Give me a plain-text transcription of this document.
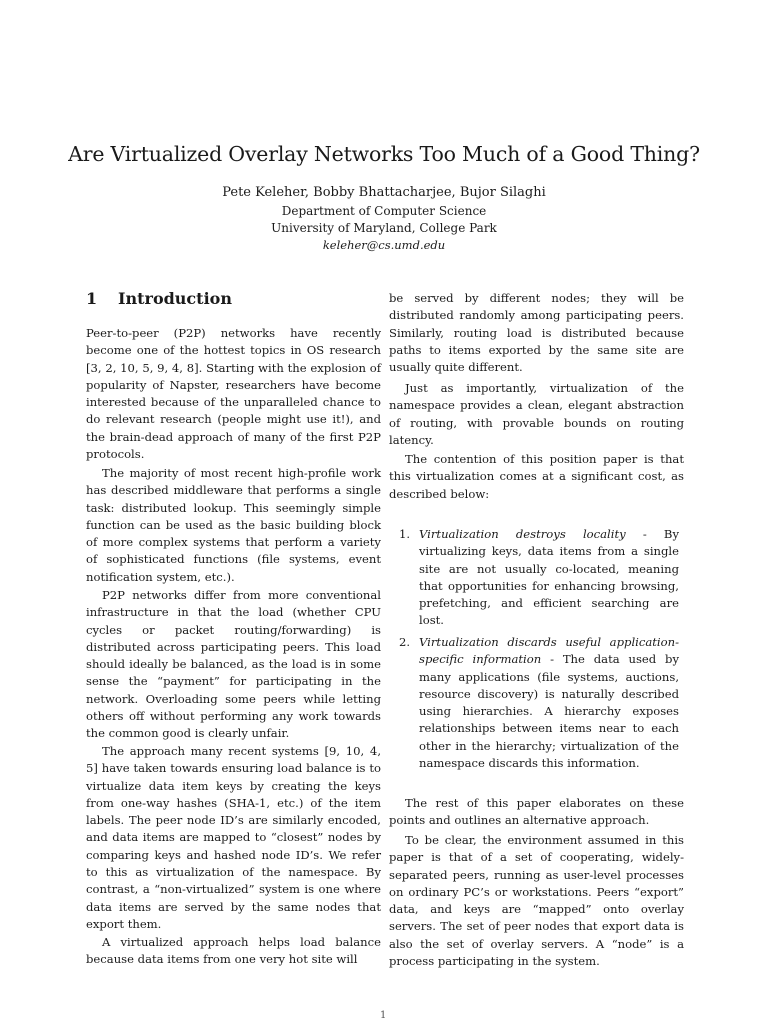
Are Virtualized Overlay Networks Too Much of a Good Thing?
Pete Keleher, Bobby Bhattacharjee, Bujor Silaghi
Department of Computer Science
University of Maryland, College Park
keleher@cs.umd.edu
1 Introduction

Peer-to-peer (P2P) networks have recently become one of the hottest topics in OS research [3, 2, 10, 5, 9, 4, 8]. Starting with the explosion of popularity of Napster, researchers have become interested because of the unparalleled chance to do relevant research (people might use it!), and the brain-dead approach of many of the first P2P protocols.

The majority of most recent high-profile work has described middleware that performs a single task: distributed lookup. This seemingly simple function can be used as the basic building block of more complex systems that perform a variety of sophisticated functions (file systems, event notification system, etc.).

P2P networks differ from more conventional infrastructure in that the load (whether CPU cycles or packet routing/forwarding) is distributed across participating peers. This load should ideally be balanced, as the load is in some sense the “payment” for participating in the network. Overloading some peers while letting others off without performing any work towards the common good is clearly unfair.

The approach many recent systems [9, 10, 4, 5] have taken towards ensuring load balance is to virtualize data item keys by creating the keys from one-way hashes (SHA-1, etc.) of the item labels. The peer node ID’s are similarly encoded, and data items are mapped to “closest” nodes by comparing keys and hashed node ID’s. We refer to this as virtualization of the namespace. By contrast, a “non-virtualized” system is one where data items are served by the same nodes that export them.

A virtualized approach helps load balance because data items from one very hot site will

be served by different nodes; they will be distributed randomly among participating peers. Similarly, routing load is distributed because paths to items exported by the same site are usually quite different.

Just as importantly, virtualization of the namespace provides a clean, elegant abstraction of routing, with provable bounds on routing latency.

The contention of this position paper is that this virtualization comes at a significant cost, as described below:

1. Virtualization destroys locality - By virtualizing keys, data items from a single site are not usually co-located, meaning that opportunities for enhancing browsing, prefetching, and efficient searching are lost.
2. Virtualization discards useful application-specific information - The data used by many applications (file systems, auctions, resource discovery) is naturally described using hierarchies. A hierarchy exposes relationships between items near to each other in the hierarchy; virtualization of the namespace discards this information.

The rest of this paper elaborates on these points and outlines an alternative approach.

To be clear, the environment assumed in this paper is that of a set of cooperating, widely-separated peers, running as user-level processes on ordinary PC’s or workstations. Peers “export” data, and keys are “mapped” onto overlay servers. The set of peer nodes that export data is also the set of overlay servers. A “node” is a process participating in the system.

1
